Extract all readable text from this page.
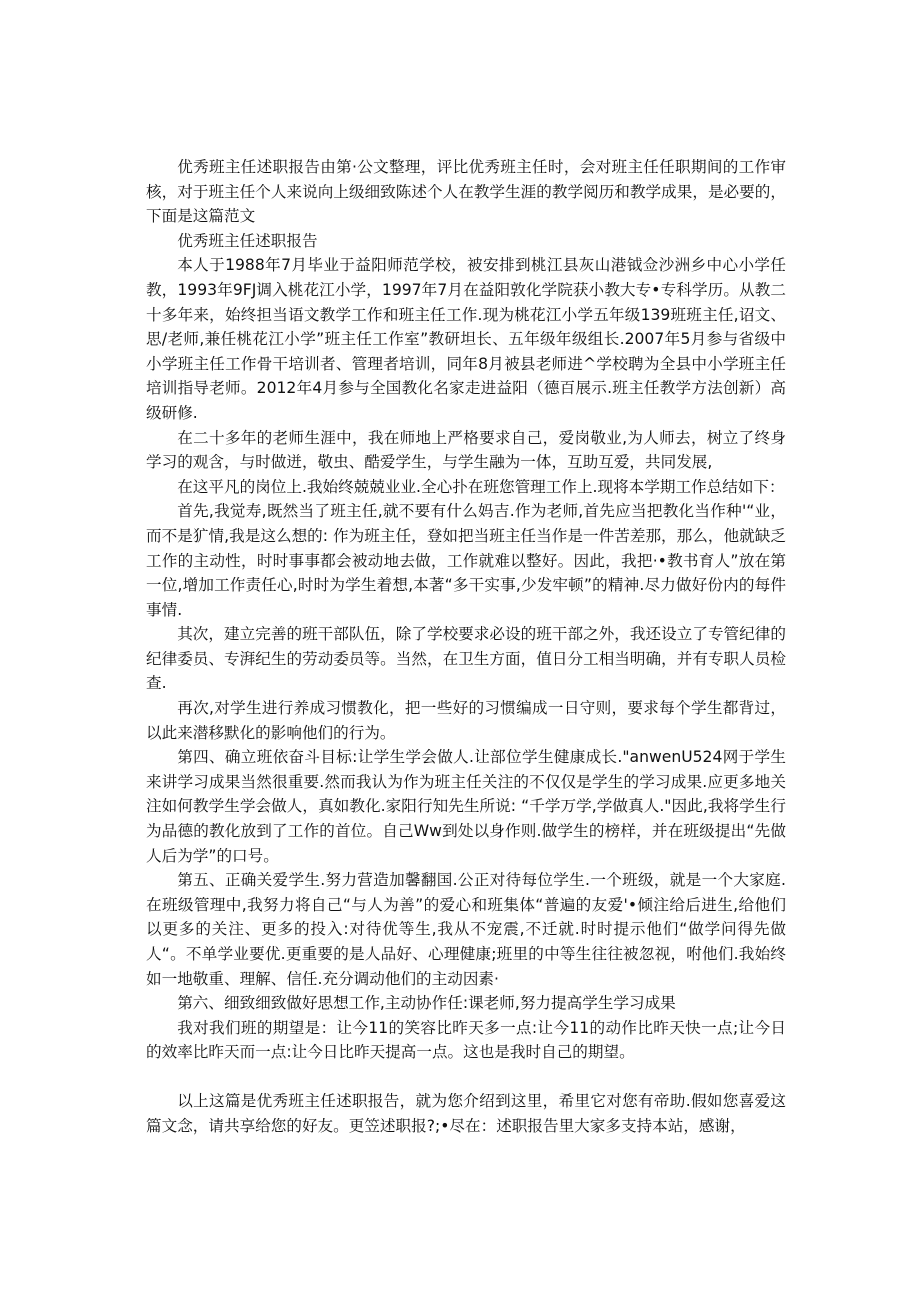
优秀班主任述职报告由第·公文整理，评比优秀班主任时，会对班主任任职期间的工作审核，对于班主任个人来说向上级细致陈述个人在教学生涯的教学阅历和教学成果，是必要的，下面是这篇范文

优秀班主任述职报告

本人于1988年7月毕业于益阳师范学校，被安排到桃江县灰山港钺佥沙洲乡中心小学任教，1993年9FJ调入桃花江小学，1997年7月在益阳敦化学院获小教大专•专科学历。从教二十多年来，始终担当语文教学工作和班主任工作.现为桃花江小学五年级139班班主任,诏文、思/老师,兼任桃花江小学”班主任工作室”教研坦长、五年级年级组长.2007年5月参与省级中小学班主任工作骨干培训者、管理者培训，同年8月被县老师进^学校聘为全县中小学班主任培训指导老师。2012年4月参与全国教化名家走进益阳（德百展示.班主任教学方法创新）高级研修.

在二十多年的老师生涯中，我在师地上严格要求自己，爱岗敬业,为人师去，树立了终身学习的观含，与时做迸，敬虫、酷爱学生，与学生融为一体，互助互爱，共同发展,

在这平凡的岗位上.我始终兢兢业业.全心扑在班您管理工作上.现将本学期工作总结如下：

首先,我觉寿,既然当了班主任,就不要有什么妈吉.作为老师,首先应当把教化当作种'“业，而不是犷情,我是这么想的: 作为班主任，登如把当班主任当作是一件苦差那，那么，他就缺乏工作的主动性，时时事事都会被动地去做，工作就难以整好。因此，我把·•教书育人”放在第一位,增加工作责任心,时时为学生着想,本著“多干实事,少发牢顿”的精神.尽力做好份内的每件事情.

其次，建立完善的班干部队伍，除了学校要求必设的班干部之外，我还设立了专管纪律的纪律委员、专湃纪生的劳动委员等。当然，在卫生方面，值日分工相当明确，并有专职人员检查.

再次,对学生进行养成习惯教化，把一些好的习惯编成一日守则，要求每个学生都背过，以此来潜移默化的影响他们的行为。

第四、确立班依奋斗目标:让学生学会做人.让部位学生健康成长."anwenU524网于学生来讲学习成果当然很重要.然而我认为作为班主任关注的不仅仅是学生的学习成果.应更多地关注如何教学生学会做人，真如教化.家阳行知先生所说: “千学万学,学做真人."因此,我将学生行为品德的教化放到了工作的首位。自己Ww到处以身作则.做学生的榜样，并在班级提出“先做人后为学”的口号。

第五、正确关爱学生.努力营造加馨翻国.公正对待每位学生.一个班级，就是一个大家庭.在班级管理中,我努力将自己“与人为善”的爱心和班集体“普遍的友爱'•倾注给后进生,给他们以更多的关注、更多的投入:对待优等生,我从不宠震,不迁就.时时提示他们“做学问得先做人“。不单学业要优.更重要的是人品好、心理健康;班里的中等生往往被忽视，咐他们.我始终如一地敬重、理解、信任.充分调动他们的主动因素·

第六、细致细致做好思想工作,主动协作任:课老师,努力提高学生学习成果

我对我们班的期望是：让今11的笑容比昨天多一点:让今11的动作比昨天快一点;让今日的效率比昨天而一点:让今日比昨天提高一点。这也是我时自己的期望。

以上这篇是优秀班主任述职报告，就为您介绍到这里，希里它对您有帝助.假如您喜爱这篇文念，请共享给您的好友。更笠述职报?;•尽在：述职报告里大家多支持本站，感谢，
